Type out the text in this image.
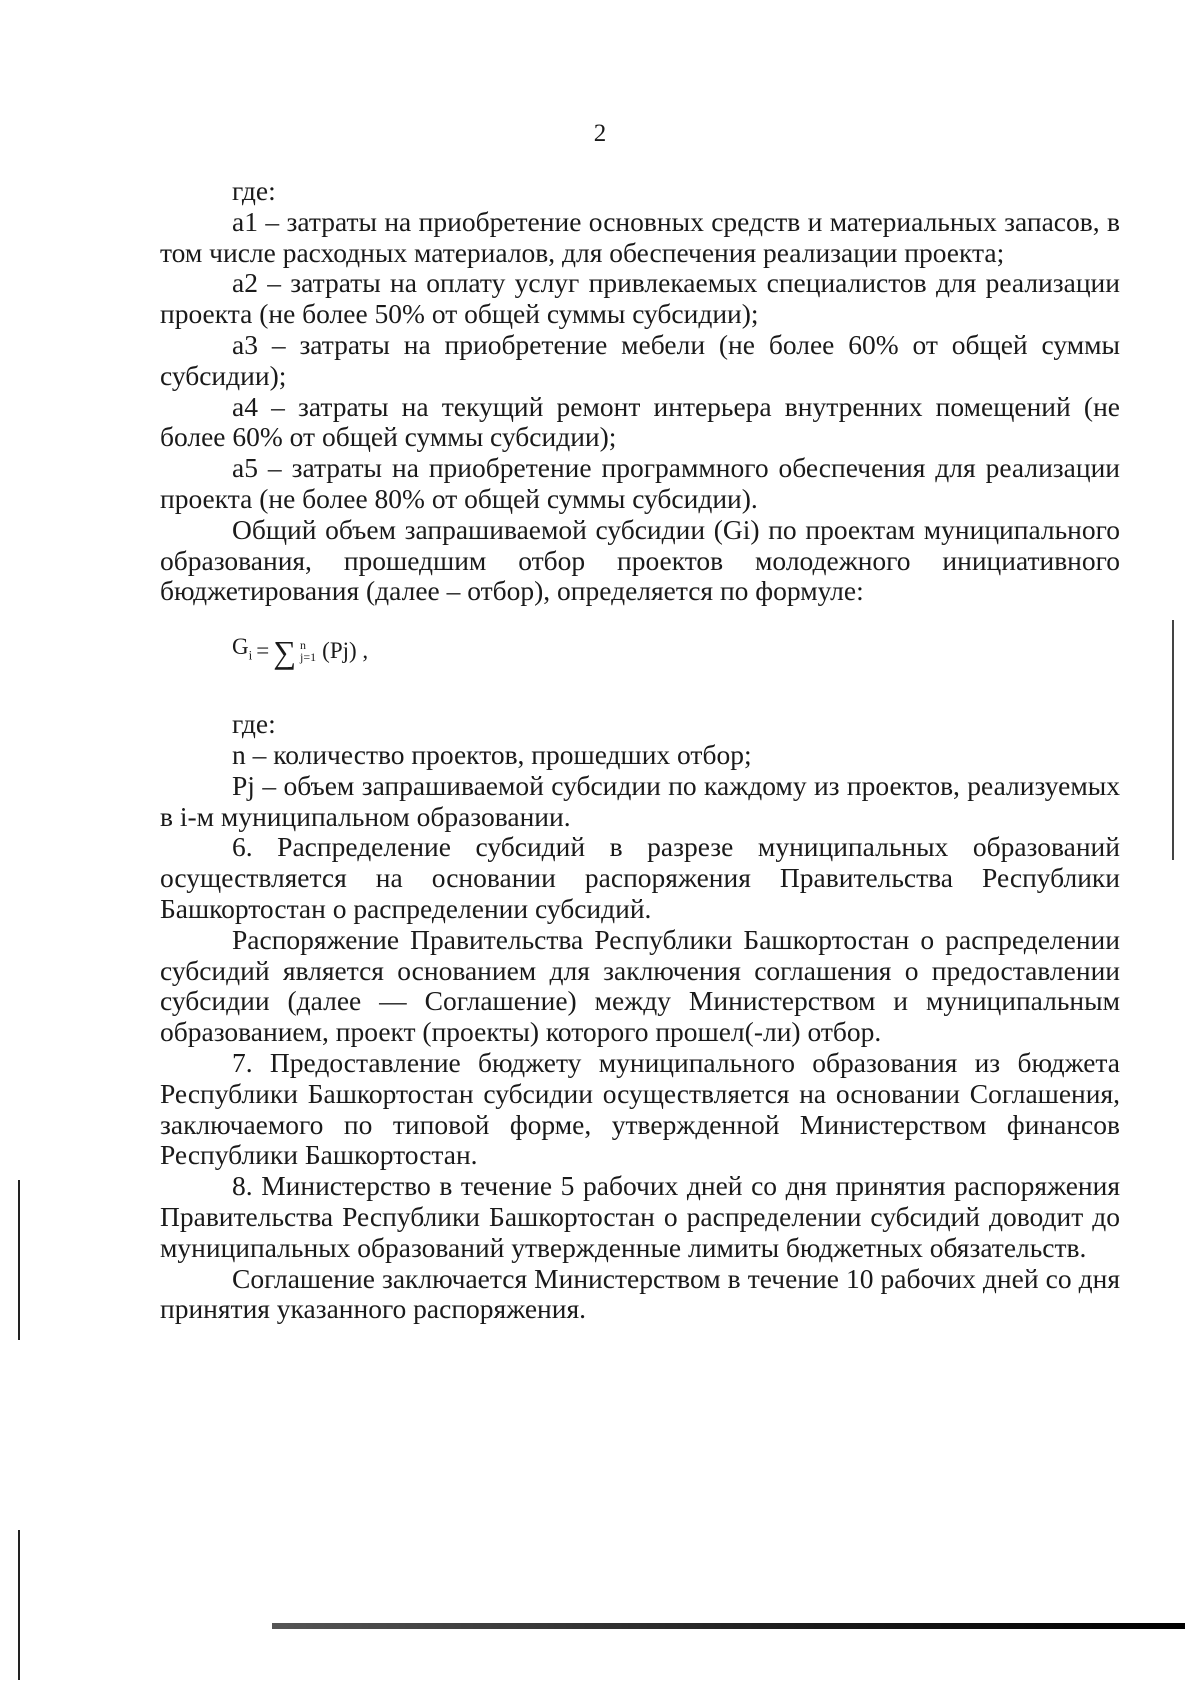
2

где:

а1 – затраты на приобретение основных средств и материальных запасов, в том числе расходных материалов, для обеспечения реализации проекта;

а2 – затраты на оплату услуг привлекаемых специалистов для реализации проекта (не более 50% от общей суммы субсидии);

а3 – затраты на приобретение мебели (не более 60% от общей суммы субсидии);

а4 – затраты на текущий ремонт интерьера внутренних помещений (не более 60% от общей суммы субсидии);

а5 – затраты на приобретение программного обеспечения для реализации проекта (не более 80% от общей суммы субсидии).

Общий объем запрашиваемой субсидии (Gi) по проектам муниципального образования, прошедшим отбор проектов молодежного инициативного бюджетирования (далее – отбор), определяется по формуле:

$G_i$ = ∑ n
j=1 (Pj) ,

где:

n – количество проектов, прошедших отбор;

Pj – объем запрашиваемой субсидии по каждому из проектов, реализуемых в i-м муниципальном образовании.

6. Распределение субсидий в разрезе муниципальных образований осуществляется на основании распоряжения Правительства Республики Башкортостан о распределении субсидий.

Распоряжение Правительства Республики Башкортостан о распределении субсидий является основанием для заключения соглашения о предоставлении субсидии (далее — Соглашение) между Министерством и муниципальным образованием, проект (проекты) которого прошел(-ли) отбор.

7. Предоставление бюджету муниципального образования из бюджета Республики Башкортостан субсидии осуществляется на основании Соглашения, заключаемого по типовой форме, утвержденной Министерством финансов Республики Башкортостан.

8. Министерство в течение 5 рабочих дней со дня принятия распоряжения Правительства Республики Башкортостан о распределении субсидий доводит до муниципальных образований утвержденные лимиты бюджетных обязательств.

Соглашение заключается Министерством в течение 10 рабочих дней со дня принятия указанного распоряжения.
